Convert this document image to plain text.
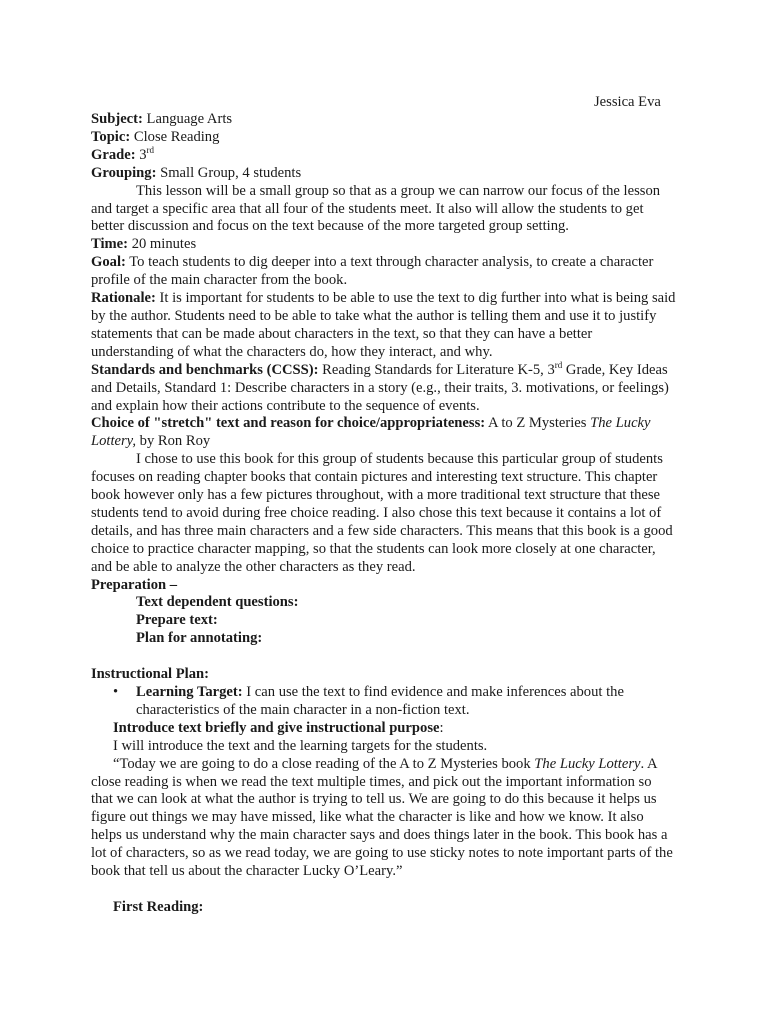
Jessica Eva

Subject: Language Arts

Topic: Close Reading

Grade: 3rd

Grouping: Small Group, 4 students

This lesson will be a small group so that as a group we can narrow our focus of the lesson and target a specific area that all four of the students meet. It also will allow the students to get better discussion and focus on the text because of the more targeted group setting.

Time: 20 minutes

Goal: To teach students to dig deeper into a text through character analysis, to create a character profile of the main character from the book.

Rationale: It is important for students to be able to use the text to dig further into what is being said by the author. Students need to be able to take what the author is telling them and use it to justify statements that can be made about characters in the text, so that they can have a better understanding of what the characters do, how they interact, and why.

Standards and benchmarks (CCSS): Reading Standards for Literature K-5, 3rd Grade, Key Ideas and Details, Standard 1: Describe characters in a story (e.g., their traits, 3. motivations, or feelings) and explain how their actions contribute to the sequence of events.

Choice of "stretch" text and reason for choice/appropriateness: A to Z Mysteries The Lucky Lottery, by Ron Roy

I chose to use this book for this group of students because this particular group of students focuses on reading chapter books that contain pictures and interesting text structure. This chapter book however only has a few pictures throughout, with a more traditional text structure that these students tend to avoid during free choice reading. I also chose this text because it contains a lot of details, and has three main characters and a few side characters. This means that this book is a good choice to practice character mapping, so that the students can look more closely at one character, and be able to analyze the other characters as they read.

Preparation –

Text dependent questions:

Prepare text:

Plan for annotating:

Instructional Plan:

• Learning Target: I can use the text to find evidence and make inferences about the characteristics of the main character in a non-fiction text.

Introduce text briefly and give instructional purpose:

I will introduce the text and the learning targets for the students.

“Today we are going to do a close reading of the A to Z Mysteries book The Lucky Lottery. A close reading is when we read the text multiple times, and pick out the important information so that we can look at what the author is trying to tell us. We are going to do this because it helps us figure out things we may have missed, like what the character is like and how we know. It also helps us understand why the main character says and does things later in the book. This book has a lot of characters, so as we read today, we are going to use sticky notes to note important parts of the book that tell us about the character Lucky O’Leary.”

First Reading:
